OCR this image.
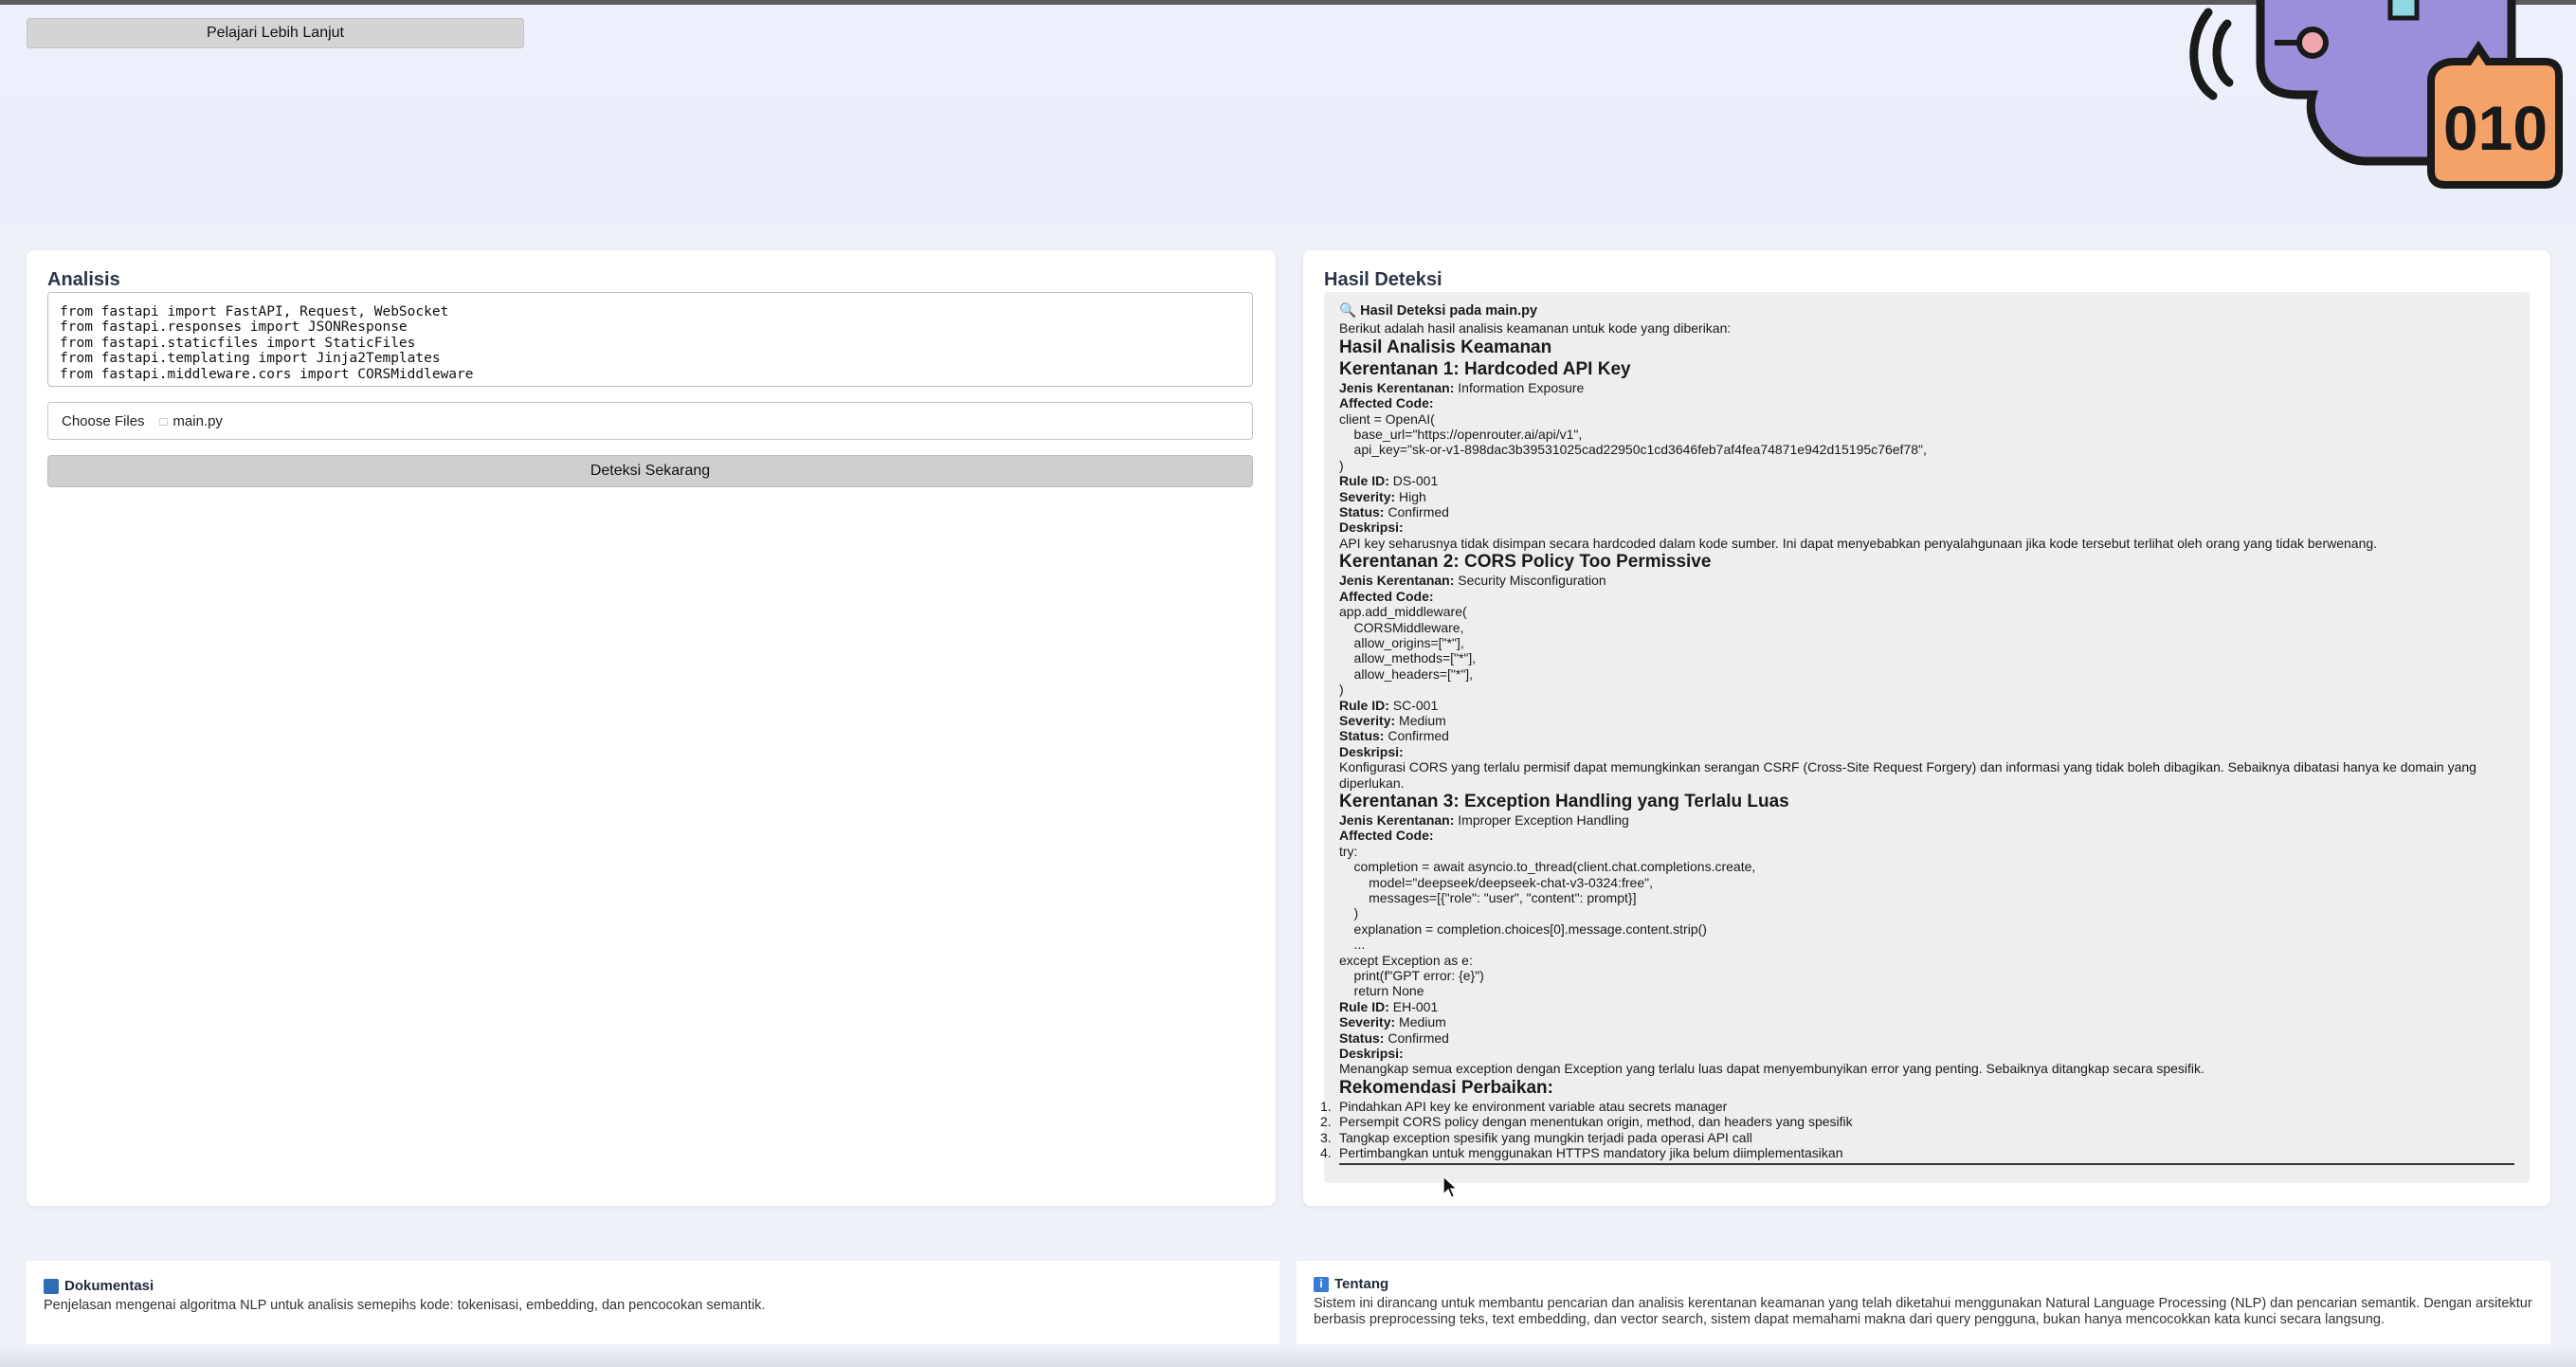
Pelajari Lebih Lanjut
010
Analisis
from fastapi import FastAPI, Request, WebSocket
from fastapi.responses import JSONResponse
from fastapi.staticfiles import StaticFiles
from fastapi.templating import Jinja2Templates
from fastapi.middleware.cors import CORSMiddleware
Choose Files □ main.py
Deteksi Sekarang
Hasil Deteksi
🔍 Hasil Deteksi pada main.py
Berikut adalah hasil analisis keamanan untuk kode yang diberikan:
Hasil Analisis Keamanan
Kerentanan 1: Hardcoded API Key
Jenis Kerentanan: Information Exposure
Affected Code:
client = OpenAI(
base_url="https://openrouter.ai/api/v1",
api_key="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",
)
Rule ID: DS-001
Severity: High
Status: Confirmed
Deskripsi:
API key seharusnya tidak disimpan secara hardcoded dalam kode sumber. Ini dapat menyebabkan penyalahgunaan jika kode tersebut terlihat oleh orang yang tidak berwenang.
Kerentanan 2: CORS Policy Too Permissive
Jenis Kerentanan: Security Misconfiguration
Affected Code:
app.add_middleware(
CORSMiddleware,
allow_origins=["*"],
allow_methods=["*"],
allow_headers=["*"],
)
Rule ID: SC-001
Severity: Medium
Status: Confirmed
Deskripsi:
Konfigurasi CORS yang terlalu permisif dapat memungkinkan serangan CSRF (Cross-Site Request Forgery) dan informasi yang tidak boleh dibagikan. Sebaiknya dibatasi hanya ke domain yang diperlukan.
Kerentanan 3: Exception Handling yang Terlalu Luas
Jenis Kerentanan: Improper Exception Handling
Affected Code:
try:
completion = await asyncio.to_thread(client.chat.completions.create,
model="deepseek/deepseek-chat-v3-0324:free",
messages=[{"role": "user", "content": prompt}]
)
explanation = completion.choices[0].message.content.strip()
...
except Exception as e:
print(f"GPT error: {e}")
return None
Rule ID: EH-001
Severity: Medium
Status: Confirmed
Deskripsi:
Menangkap semua exception dengan Exception yang terlalu luas dapat menyembunyikan error yang penting. Sebaiknya ditangkap secara spesifik.
Rekomendasi Perbaikan:
1. Pindahkan API key ke environment variable atau secrets manager
2. Persempit CORS policy dengan menentukan origin, method, dan headers yang spesifik
3. Tangkap exception spesifik yang mungkin terjadi pada operasi API call
4. Pertimbangkan untuk menggunakan HTTPS mandatory jika belum diimplementasikan
Dokumentasi
Penjelasan mengenai algoritma NLP untuk analisis semepihs kode: tokenisasi, embedding, dan pencocokan semantik.
i Tentang
Sistem ini dirancang untuk membantu pencarian dan analisis kerentanan keamanan yang telah diketahui menggunakan Natural Language Processing (NLP) dan pencarian semantik. Dengan arsitektur berbasis preprocessing teks, text embedding, dan vector search, sistem dapat memahami makna dari query pengguna, bukan hanya mencocokkan kata kunci secara langsung.
